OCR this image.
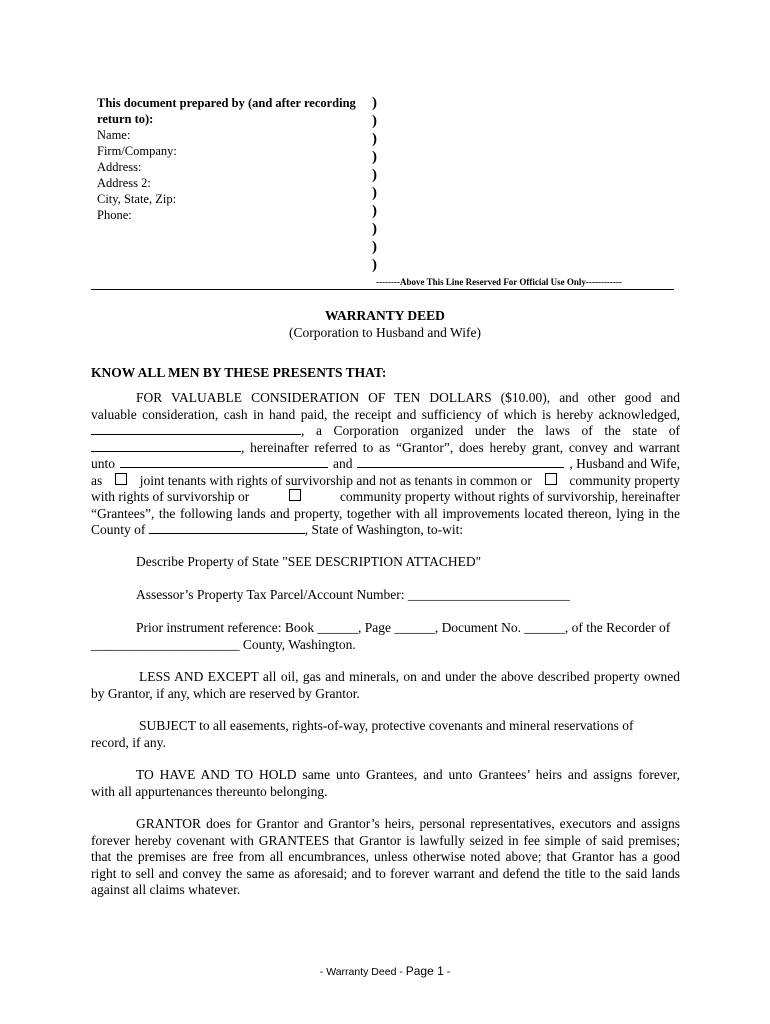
This document prepared by (and after recording
return to):
Name:
Firm/Company:
Address:
Address 2:
City, State, Zip:
Phone:
)
)
)
)
)
)
)
)
)
)
--------Above This Line Reserved For Official Use Only------------
WARRANTY DEED
(Corporation to Husband and Wife)
KNOW ALL MEN BY THESE PRESENTS THAT:
FOR VALUABLE CONSIDERATION OF TEN DOLLARS ($10.00), and other good and
valuable consideration, cash in hand paid, the receipt and sufficiency of which is hereby acknowledged,
, a Corporation organized under the laws of the state of
, hereinafter referred to as “Grantor”, does hereby grant, convey and warrant
unto	and	, Husband and Wife,
as	joint tenants with rights of survivorship and not as tenants in common or	community property
with rights of survivorship or	community property without rights of survivorship, hereinafter
“Grantees”, the following lands and property, together with all improvements located thereon, lying in the
County of	, State of Washington, to-wit:
Describe Property of State "SEE DESCRIPTION ATTACHED"
Assessor’s Property Tax Parcel/Account Number: ________________________
Prior instrument reference: Book ______, Page ______, Document No. ______, of the Recorder of
______________________ County, Washington.
LESS AND EXCEPT all oil, gas and minerals, on and under the above described property owned
by Grantor, if any, which are reserved by Grantor.
SUBJECT to all easements, rights-of-way, protective covenants and mineral reservations of
record, if any.
TO HAVE AND TO HOLD same unto Grantees, and unto Grantees’ heirs and assigns forever,
with all appurtenances thereunto belonging.
GRANTOR does for Grantor and Grantor’s heirs, personal representatives, executors and assigns
forever hereby covenant with GRANTEES that Grantor is lawfully seized in fee simple of said premises;
that the premises are free from all encumbrances, unless otherwise noted above; that Grantor has a good
right to sell and convey the same as aforesaid; and to forever warrant and defend the title to the said lands
against all claims whatever.
- Warranty Deed - Page 1 -
